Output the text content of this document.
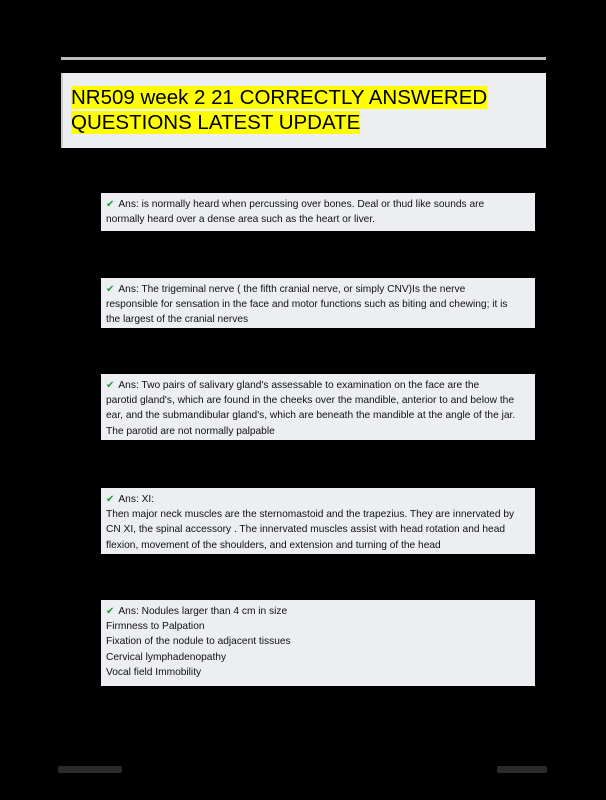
NR509 week 2 21 CORRECTLY ANSWERED
QUESTIONS LATEST UPDATE
✔ Ans: is normally heard when percussing over bones. Deal or thud like sounds are
normally heard over a dense area such as the heart or liver.
✔ Ans: The trigeminal nerve ( the fifth cranial nerve, or simply CNV)Is the nerve
responsible for sensation in the face and motor functions such as biting and chewing; it is
the largest of the cranial nerves
✔ Ans: Two pairs of salivary gland's assessable to examination on the face are the
parotid gland's, which are found in the cheeks over the mandible, anterior to and below the
ear, and the submandibular gland's, which are beneath the mandible at the angle of the jar.
The parotid are not normally palpable
✔ Ans: XI:
Then major neck muscles are the sternomastoid and the trapezius. They are innervated by
CN XI, the spinal accessory . The innervated muscles assist with head rotation and head
flexion, movement of the shoulders, and extension and turning of the head
✔ Ans: Nodules larger than 4 cm in size
Firmness to Palpation
Fixation of the nodule to adjacent tissues
Cervical lymphadenopathy
Vocal field Immobility
